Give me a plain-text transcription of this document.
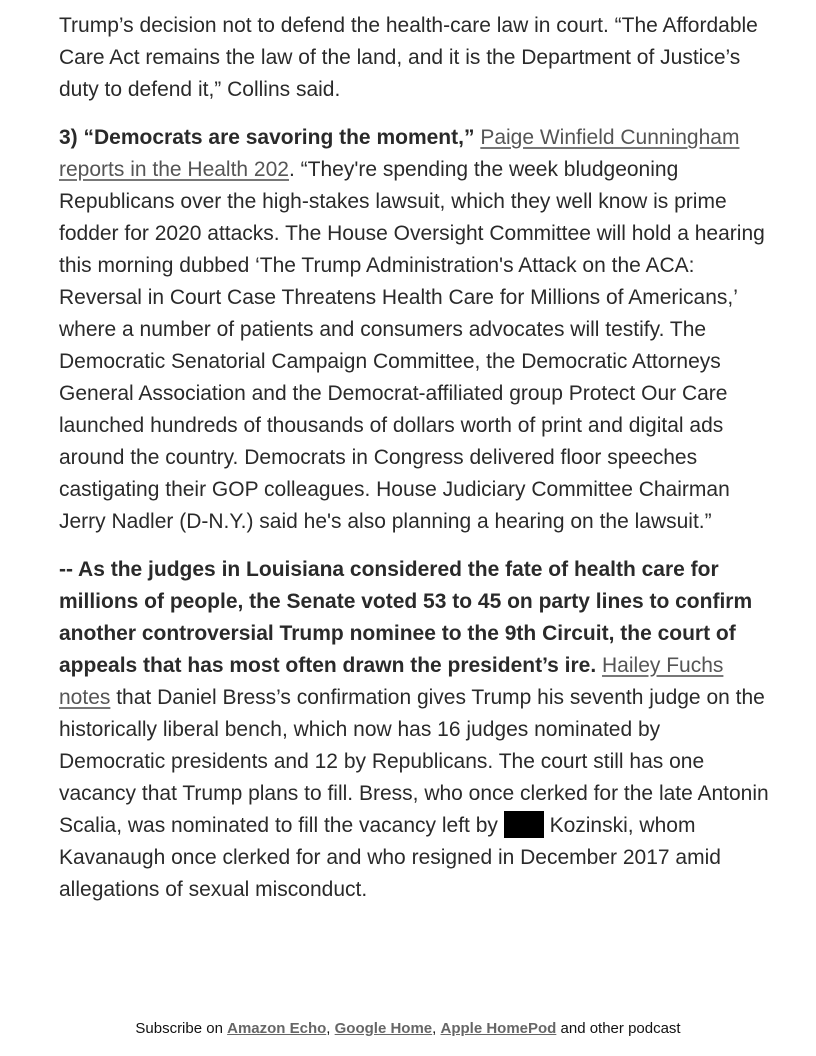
Trump’s decision not to defend the health-care law in court. “The Affordable Care Act remains the law of the land, and it is the Department of Justice’s duty to defend it,” Collins said.

3) “Democrats are savoring the moment,” Paige Winfield Cunningham reports in the Health 202. “They're spending the week bludgeoning Republicans over the high-stakes lawsuit, which they well know is prime fodder for 2020 attacks. The House Oversight Committee will hold a hearing this morning dubbed ‘The Trump Administration's Attack on the ACA: Reversal in Court Case Threatens Health Care for Millions of Americans,’ where a number of patients and consumers advocates will testify. The Democratic Senatorial Campaign Committee, the Democratic Attorneys General Association and the Democrat-affiliated group Protect Our Care launched hundreds of thousands of dollars worth of print and digital ads around the country. Democrats in Congress delivered floor speeches castigating their GOP colleagues. House Judiciary Committee Chairman Jerry Nadler (D-N.Y.) said he's also planning a hearing on the lawsuit.”

-- As the judges in Louisiana considered the fate of health care for millions of people, the Senate voted 53 to 45 on party lines to confirm another controversial Trump nominee to the 9th Circuit, the court of appeals that has most often drawn the president’s ire. Hailey Fuchs notes that Daniel Bress’s confirmation gives Trump his seventh judge on the historically liberal bench, which now has 16 judges nominated by Democratic presidents and 12 by Republicans. The court still has one vacancy that Trump plans to fill. Bress, who once clerked for the late Antonin Scalia, was nominated to fill the vacancy left by  Kozinski, whom Kavanaugh once clerked for and who resigned in December 2017 amid allegations of sexual misconduct.

Subscribe on Amazon Echo, Google Home, Apple HomePod and other podcast
